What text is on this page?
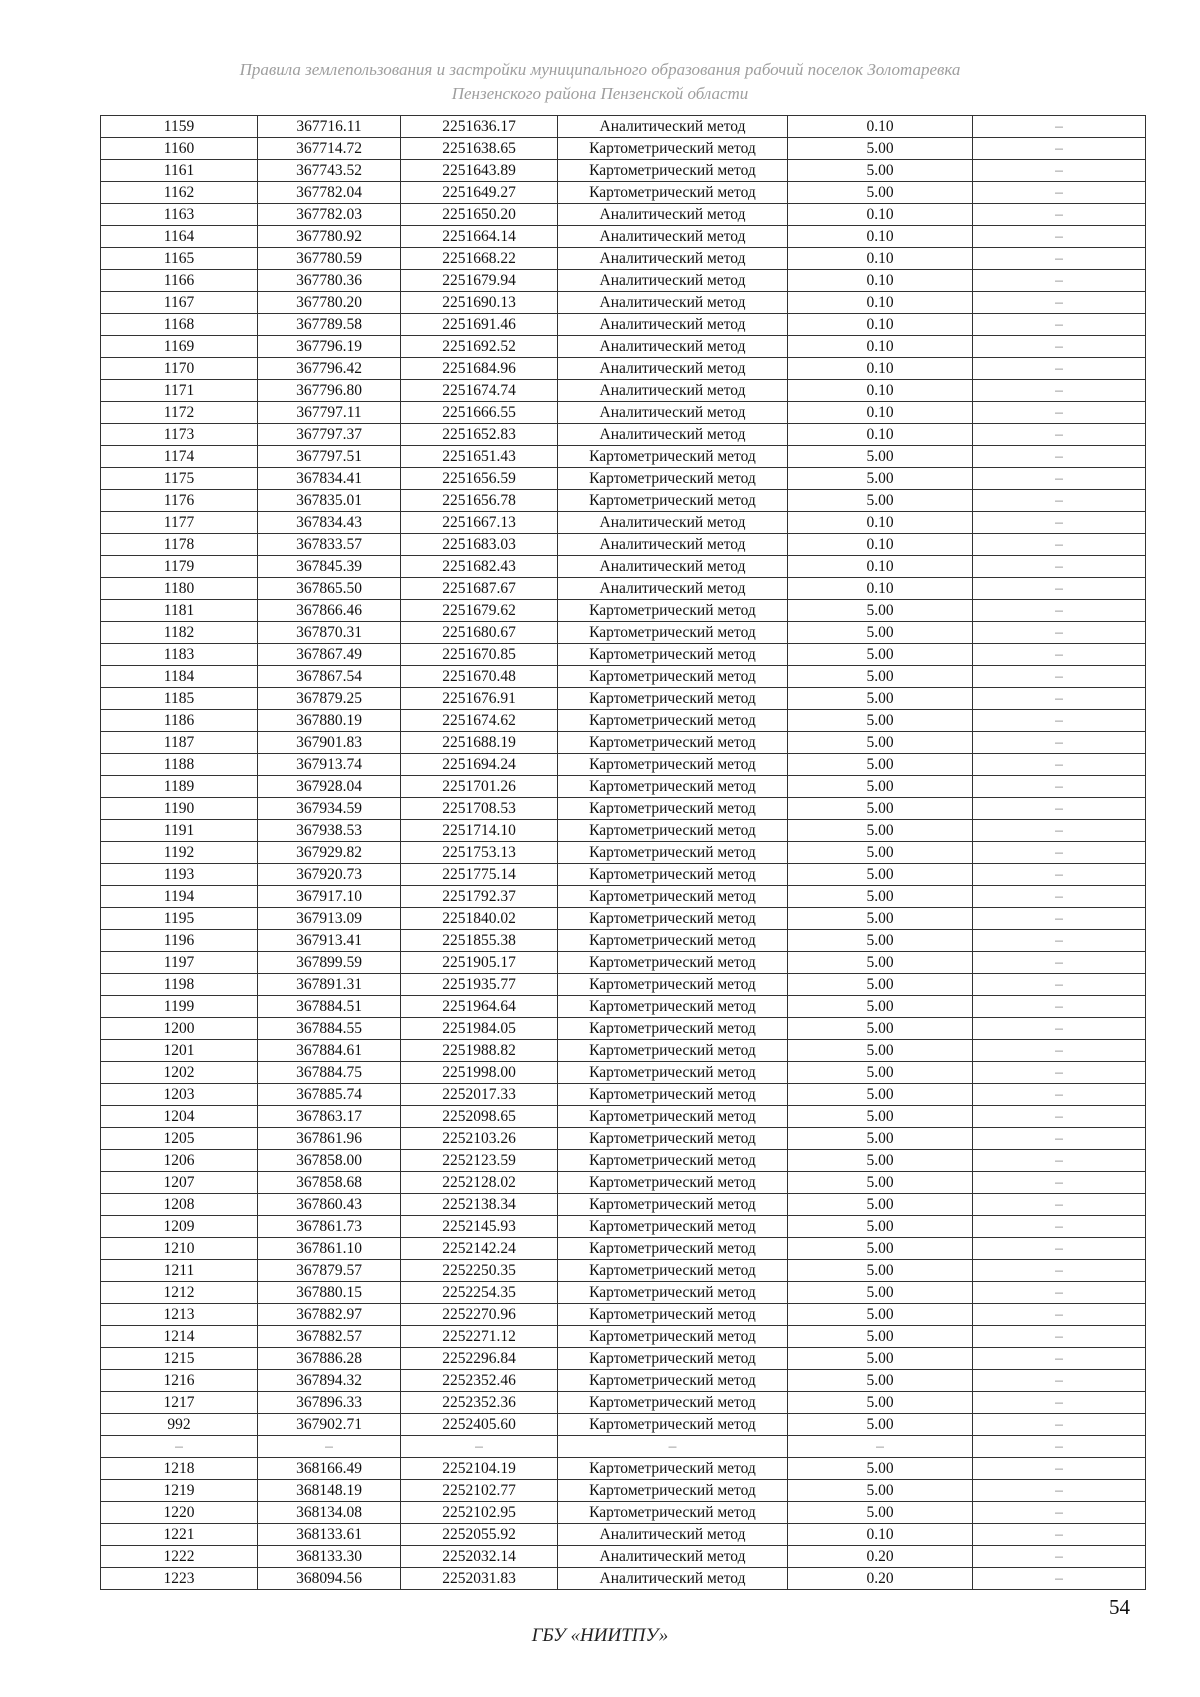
Правила землепользования и застройки муниципального образования рабочий поселок Золотаревка
Пензенского района Пензенской области
1159	367716.11	2251636.17	Аналитический метод	0.10	–
1160	367714.72	2251638.65	Картометрический метод	5.00	–
1161	367743.52	2251643.89	Картометрический метод	5.00	–
1162	367782.04	2251649.27	Картометрический метод	5.00	–
1163	367782.03	2251650.20	Аналитический метод	0.10	–
1164	367780.92	2251664.14	Аналитический метод	0.10	–
1165	367780.59	2251668.22	Аналитический метод	0.10	–
1166	367780.36	2251679.94	Аналитический метод	0.10	–
1167	367780.20	2251690.13	Аналитический метод	0.10	–
1168	367789.58	2251691.46	Аналитический метод	0.10	–
1169	367796.19	2251692.52	Аналитический метод	0.10	–
1170	367796.42	2251684.96	Аналитический метод	0.10	–
1171	367796.80	2251674.74	Аналитический метод	0.10	–
1172	367797.11	2251666.55	Аналитический метод	0.10	–
1173	367797.37	2251652.83	Аналитический метод	0.10	–
1174	367797.51	2251651.43	Картометрический метод	5.00	–
1175	367834.41	2251656.59	Картометрический метод	5.00	–
1176	367835.01	2251656.78	Картометрический метод	5.00	–
1177	367834.43	2251667.13	Аналитический метод	0.10	–
1178	367833.57	2251683.03	Аналитический метод	0.10	–
1179	367845.39	2251682.43	Аналитический метод	0.10	–
1180	367865.50	2251687.67	Аналитический метод	0.10	–
1181	367866.46	2251679.62	Картометрический метод	5.00	–
1182	367870.31	2251680.67	Картометрический метод	5.00	–
1183	367867.49	2251670.85	Картометрический метод	5.00	–
1184	367867.54	2251670.48	Картометрический метод	5.00	–
1185	367879.25	2251676.91	Картометрический метод	5.00	–
1186	367880.19	2251674.62	Картометрический метод	5.00	–
1187	367901.83	2251688.19	Картометрический метод	5.00	–
1188	367913.74	2251694.24	Картометрический метод	5.00	–
1189	367928.04	2251701.26	Картометрический метод	5.00	–
1190	367934.59	2251708.53	Картометрический метод	5.00	–
1191	367938.53	2251714.10	Картометрический метод	5.00	–
1192	367929.82	2251753.13	Картометрический метод	5.00	–
1193	367920.73	2251775.14	Картометрический метод	5.00	–
1194	367917.10	2251792.37	Картометрический метод	5.00	–
1195	367913.09	2251840.02	Картометрический метод	5.00	–
1196	367913.41	2251855.38	Картометрический метод	5.00	–
1197	367899.59	2251905.17	Картометрический метод	5.00	–
1198	367891.31	2251935.77	Картометрический метод	5.00	–
1199	367884.51	2251964.64	Картометрический метод	5.00	–
1200	367884.55	2251984.05	Картометрический метод	5.00	–
1201	367884.61	2251988.82	Картометрический метод	5.00	–
1202	367884.75	2251998.00	Картометрический метод	5.00	–
1203	367885.74	2252017.33	Картометрический метод	5.00	–
1204	367863.17	2252098.65	Картометрический метод	5.00	–
1205	367861.96	2252103.26	Картометрический метод	5.00	–
1206	367858.00	2252123.59	Картометрический метод	5.00	–
1207	367858.68	2252128.02	Картометрический метод	5.00	–
1208	367860.43	2252138.34	Картометрический метод	5.00	–
1209	367861.73	2252145.93	Картометрический метод	5.00	–
1210	367861.10	2252142.24	Картометрический метод	5.00	–
1211	367879.57	2252250.35	Картометрический метод	5.00	–
1212	367880.15	2252254.35	Картометрический метод	5.00	–
1213	367882.97	2252270.96	Картометрический метод	5.00	–
1214	367882.57	2252271.12	Картометрический метод	5.00	–
1215	367886.28	2252296.84	Картометрический метод	5.00	–
1216	367894.32	2252352.46	Картометрический метод	5.00	–
1217	367896.33	2252352.36	Картометрический метод	5.00	–
992	367902.71	2252405.60	Картометрический метод	5.00	–
–	–	–	–	–	–
1218	368166.49	2252104.19	Картометрический метод	5.00	–
1219	368148.19	2252102.77	Картометрический метод	5.00	–
1220	368134.08	2252102.95	Картометрический метод	5.00	–
1221	368133.61	2252055.92	Аналитический метод	0.10	–
1222	368133.30	2252032.14	Аналитический метод	0.20	–
1223	368094.56	2252031.83	Аналитический метод	0.20	–
54
ГБУ «НИИТПУ»
